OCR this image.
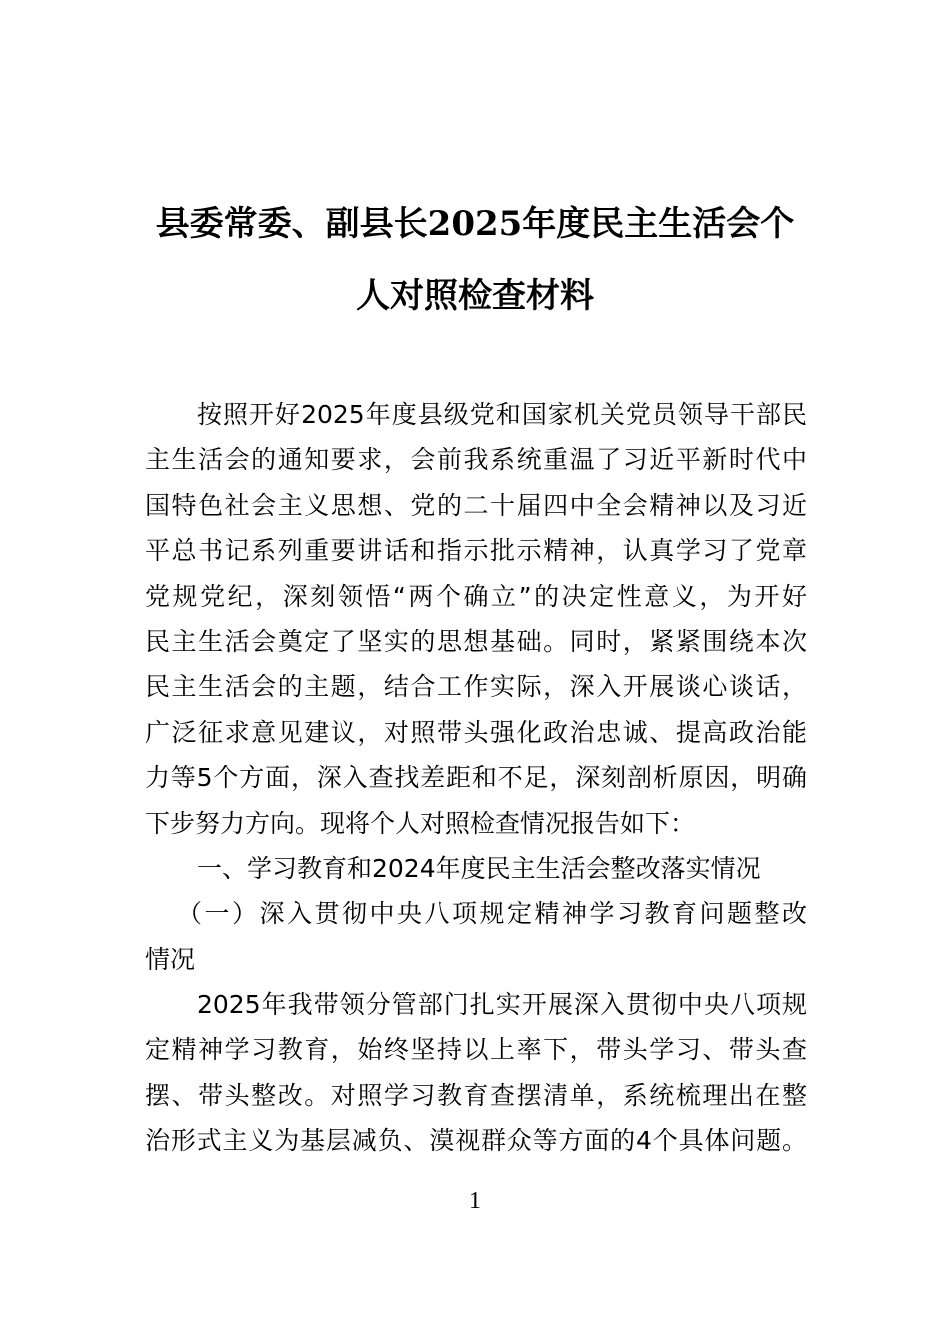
县委常委、副县长2025年度民主生活会个
人对照检查材料
按照开好2025年度县级党和国家机关党员领导干部民
主生活会的通知要求，会前我系统重温了习近平新时代中
国特色社会主义思想、党的二十届四中全会精神以及习近
平总书记系列重要讲话和指示批示精神，认真学习了党章
党规党纪，深刻领悟“两个确立”的决定性意义，为开好
民主生活会奠定了坚实的思想基础。同时，紧紧围绕本次
民主生活会的主题，结合工作实际，深入开展谈心谈话，
广泛征求意见建议，对照带头强化政治忠诚、提高政治能
力等5个方面，深入查找差距和不足，深刻剖析原因，明确
下步努力方向。现将个人对照检查情况报告如下：
一、学习教育和2024年度民主生活会整改落实情况
（一）深入贯彻中央八项规定精神学习教育问题整改
情况
2025年我带领分管部门扎实开展深入贯彻中央八项规
定精神学习教育，始终坚持以上率下，带头学习、带头查
摆、带头整改。对照学习教育查摆清单，系统梳理出在整
治形式主义为基层减负、漠视群众等方面的4个具体问题。
1
